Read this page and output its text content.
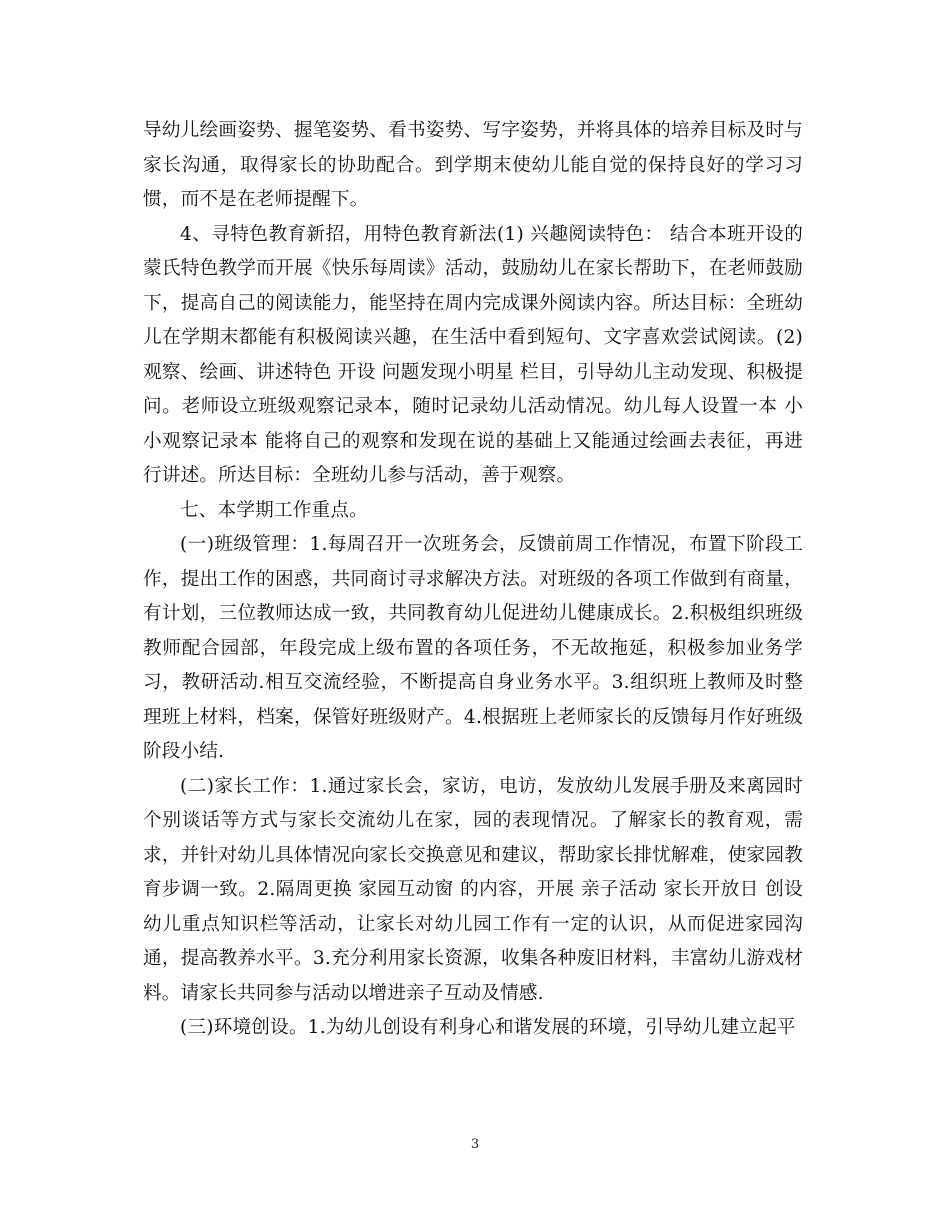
导幼儿绘画姿势、握笔姿势、看书姿势、写字姿势，并将具体的培养目标及时与家长沟通，取得家长的协助配合。到学期末使幼儿能自觉的保持良好的学习习惯，而不是在老师提醒下。

4、寻特色教育新招，用特色教育新法(1) 兴趣阅读特色： 结合本班开设的蒙氏特色教学而开展《快乐每周读》活动，鼓励幼儿在家长帮助下，在老师鼓励下，提高自己的阅读能力，能坚持在周内完成课外阅读内容。所达目标：全班幼儿在学期末都能有积极阅读兴趣，在生活中看到短句、文字喜欢尝试阅读。(2) 观察、绘画、讲述特色 开设 问题发现小明星 栏目，引导幼儿主动发现、积极提问。老师设立班级观察记录本，随时记录幼儿活动情况。幼儿每人设置一本 小小观察记录本 能将自己的观察和发现在说的基础上又能通过绘画去表征，再进行讲述。所达目标：全班幼儿参与活动，善于观察。

七、本学期工作重点。

(一)班级管理：1.每周召开一次班务会，反馈前周工作情况，布置下阶段工作，提出工作的困惑，共同商讨寻求解决方法。对班级的各项工作做到有商量，有计划，三位教师达成一致，共同教育幼儿促进幼儿健康成长。2.积极组织班级教师配合园部，年段完成上级布置的各项任务，不无故拖延，积极参加业务学习，教研活动.相互交流经验，不断提高自身业务水平。3.组织班上教师及时整理班上材料，档案，保管好班级财产。4.根据班上老师家长的反馈每月作好班级阶段小结.

(二)家长工作：1.通过家长会，家访，电访，发放幼儿发展手册及来离园时个别谈话等方式与家长交流幼儿在家，园的表现情况。了解家长的教育观，需求，并针对幼儿具体情况向家长交换意见和建议，帮助家长排忧解难，使家园教育步调一致。2.隔周更换 家园互动窗 的内容，开展 亲子活动 家长开放日 创设幼儿重点知识栏等活动，让家长对幼儿园工作有一定的认识，从而促进家园沟通，提高教养水平。3.充分利用家长资源，收集各种废旧材料，丰富幼儿游戏材料。请家长共同参与活动以增进亲子互动及情感.

(三)环境创设。1.为幼儿创设有利身心和谐发展的环境，引导幼儿建立起平

3
